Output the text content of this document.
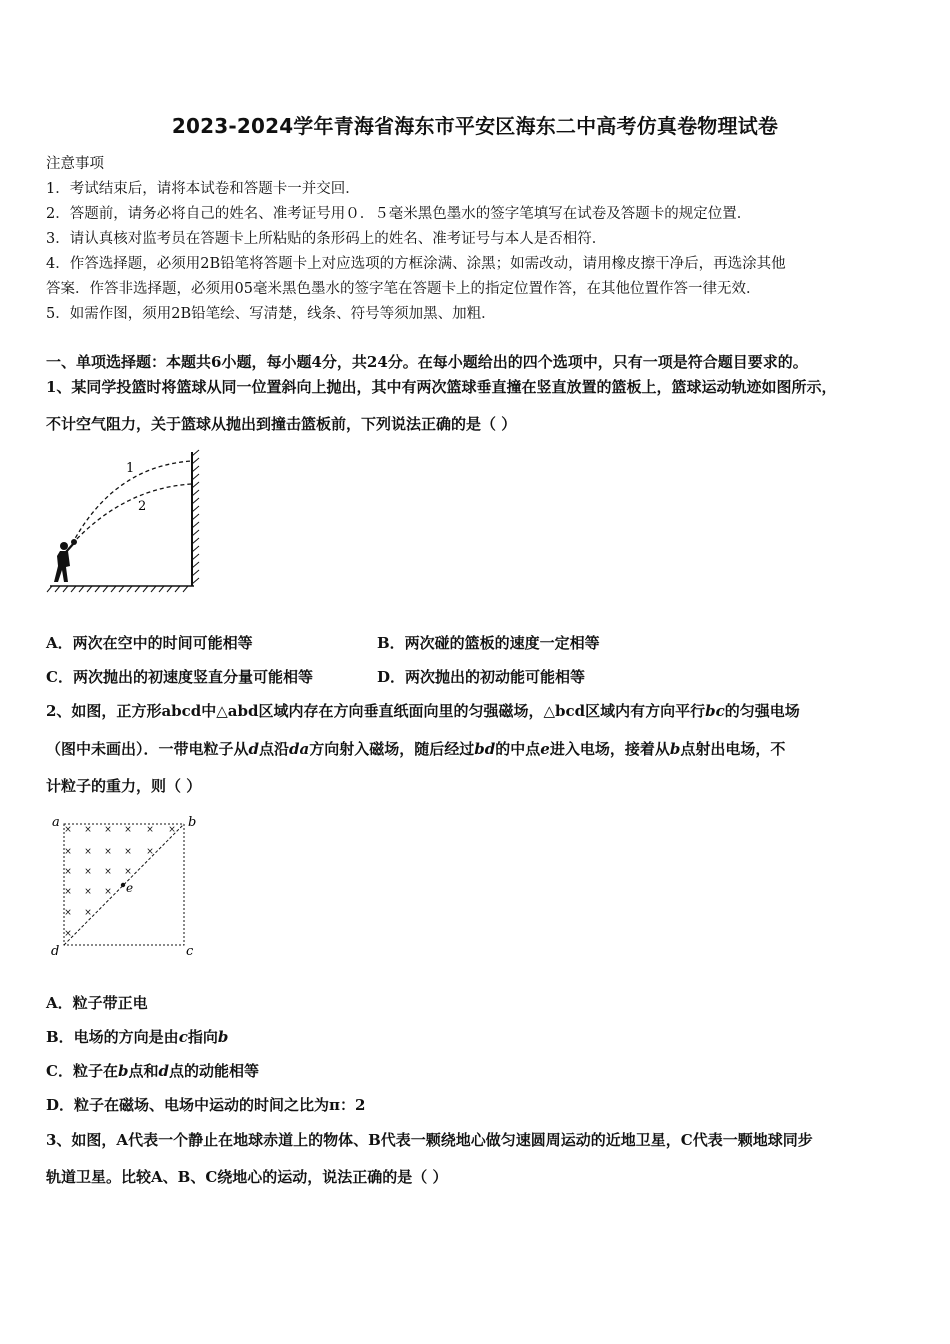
2023-2024学年青海省海东市平安区海东二中高考仿真卷物理试卷
注意事项
1．考试结束后，请将本试卷和答题卡一并交回．
2．答题前，请务必将自己的姓名、准考证号用０．５毫米黑色墨水的签字笔填写在试卷及答题卡的规定位置．
3．请认真核对监考员在答题卡上所粘贴的条形码上的姓名、准考证号与本人是否相符．
4．作答选择题，必须用2B铅笔将答题卡上对应选项的方框涂满、涂黑；如需改动，请用橡皮擦干净后，再选涂其他
答案．作答非选择题，必须用05毫米黑色墨水的签字笔在答题卡上的指定位置作答，在其他位置作答一律无效．
5．如需作图，须用2B铅笔绘、写清楚，线条、符号等须加黑、加粗．
一、单项选择题：本题共6小题，每小题4分，共24分。在每小题给出的四个选项中，只有一项是符合题目要求的。
1、某同学投篮时将篮球从同一位置斜向上抛出，其中有两次篮球垂直撞在竖直放置的篮板上，篮球运动轨迹如图所示，
不计空气阻力，关于篮球从抛出到撞击篮板前，下列说法正确的是（ ）
1
2
A．两次在空中的时间可能相等	B．两次碰的篮板的速度一定相等
C．两次抛出的初速度竖直分量可能相等	D．两次抛出的初动能可能相等
2、如图，正方形abcd中△abd区域内存在方向垂直纸面向里的匀强磁场，△bcd区域内有方向平行bc的匀强电场
（图中未画出）．一带电粒子从d点沿da方向射入磁场，随后经过bd的中点e进入电场，接着从b点射出电场，不
计粒子的重力，则（ ）
× × × × × ×
× × × × ×
× × × ×
× × ×
× ×
×
a	b
c
d
e
A．粒子带正电
B．电场的方向是由c指向b
C．粒子在b点和d点的动能相等
D．粒子在磁场、电场中运动的时间之比为π：2
3、如图，A代表一个静止在地球赤道上的物体、B代表一颗绕地心做匀速圆周运动的近地卫星，C代表一颗地球同步
轨道卫星。比较A、B、C绕地心的运动，说法正确的是（ ）
